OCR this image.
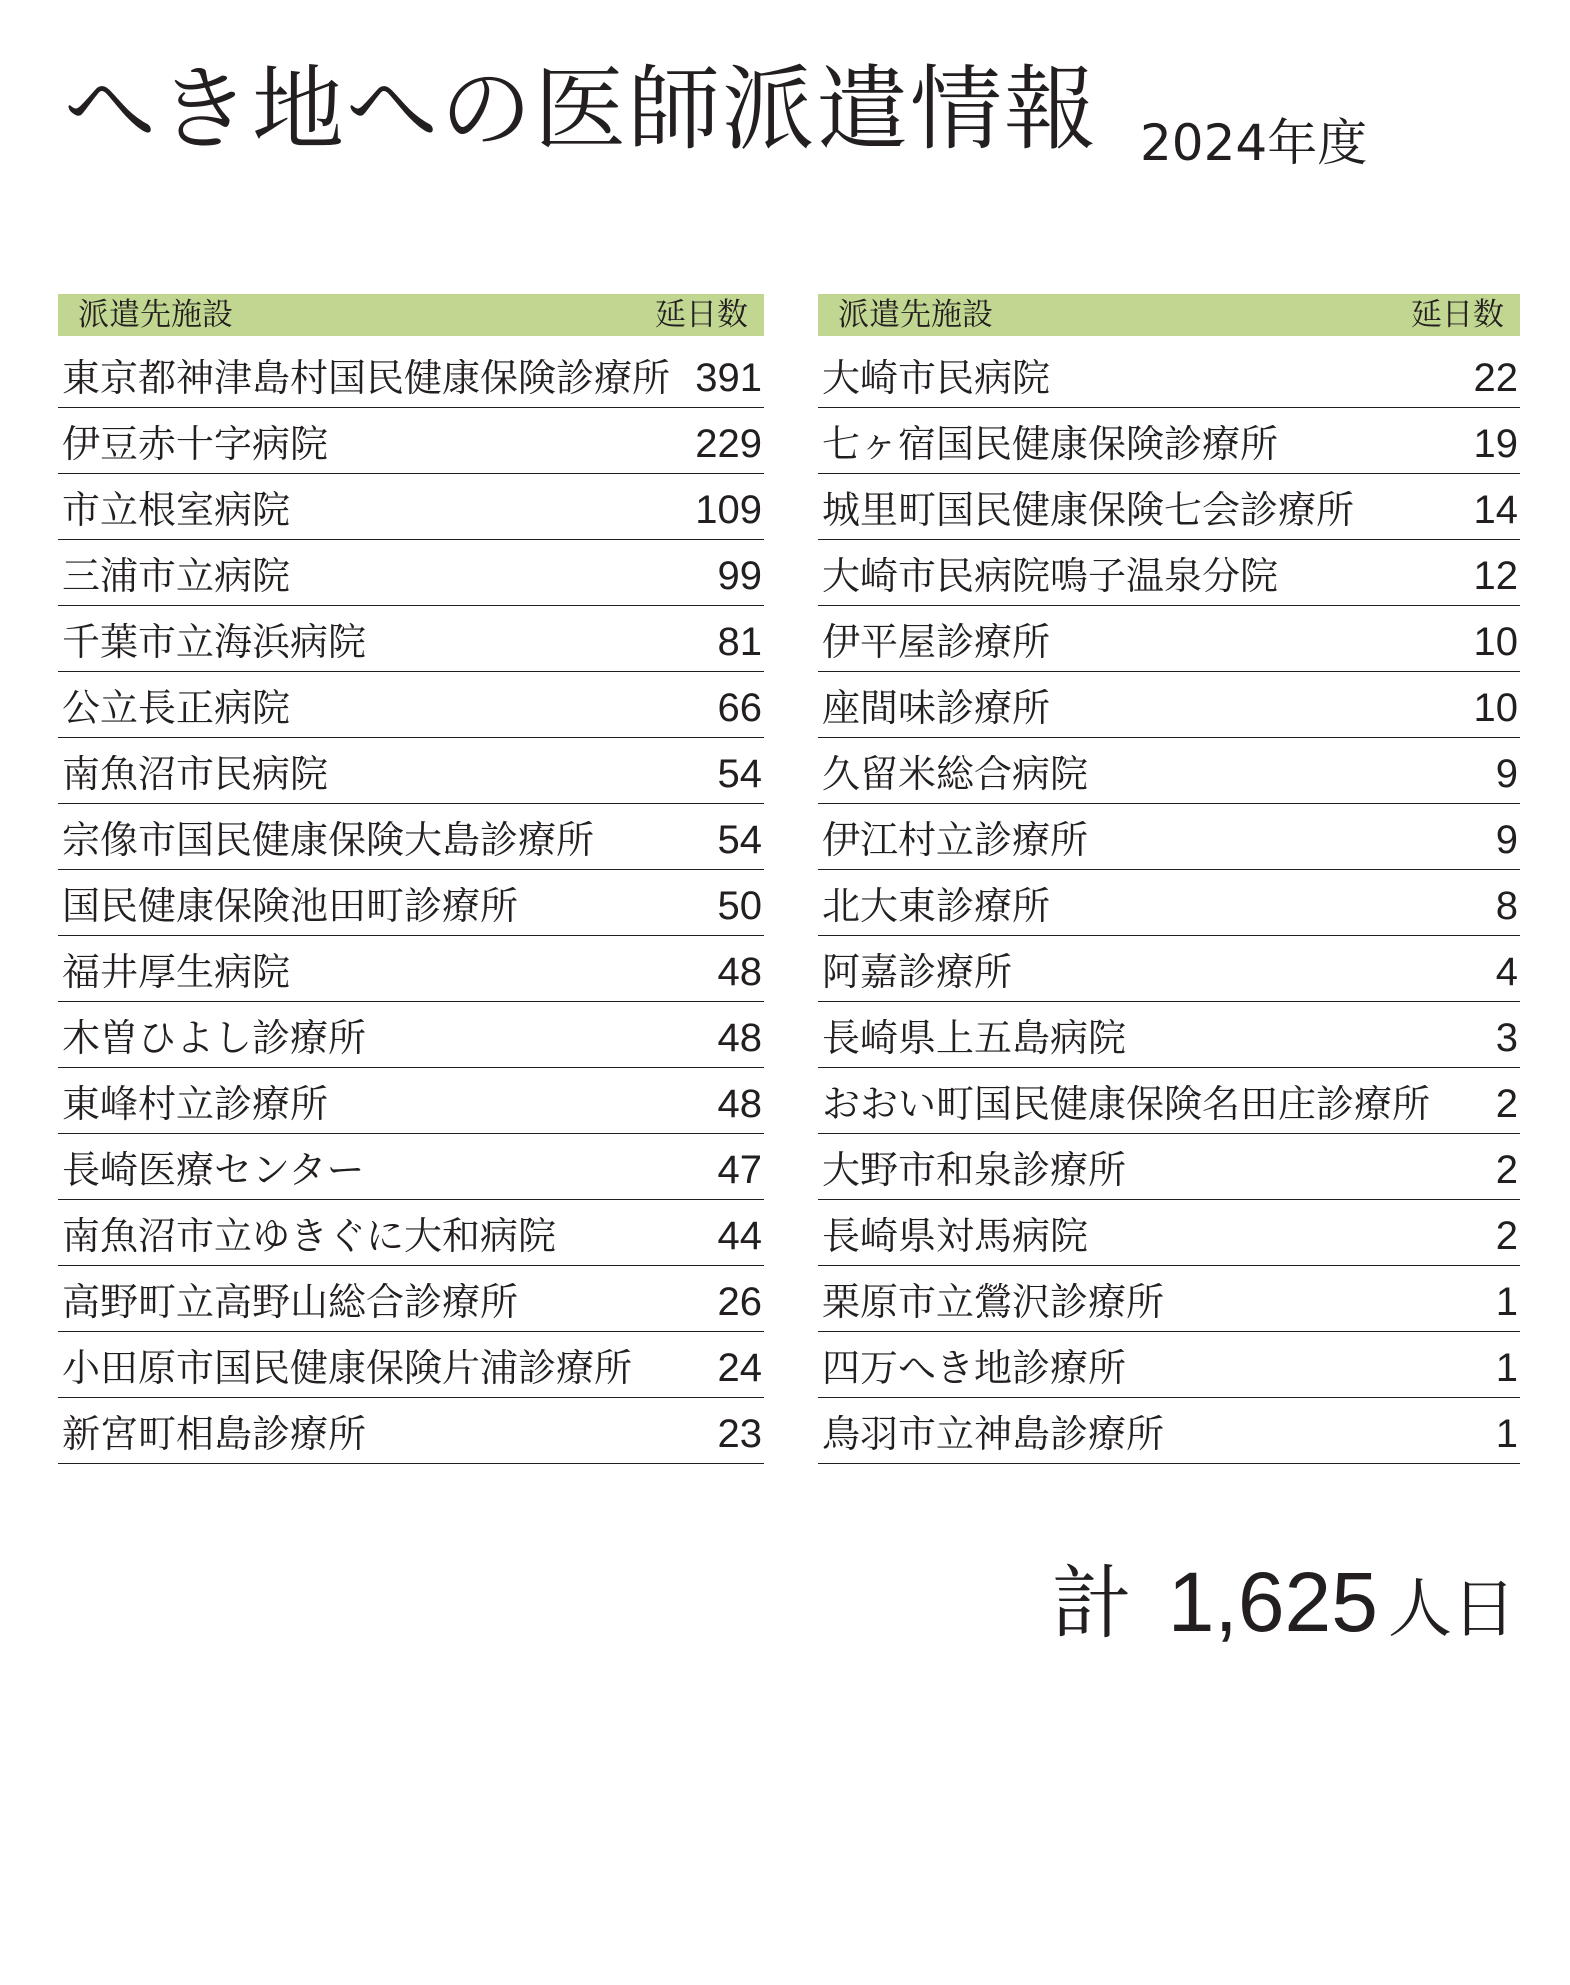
へき地への医師派遣情報 2024年度
派遣先施設	延日数
東京都神津島村国民健康保険診療所 391
伊豆赤十字病院	229
市立根室病院	109
三浦市立病院	99
千葉市立海浜病院	81
公立長正病院	66
南魚沼市民病院	54
宗像市国民健康保険大島診療所	54
国民健康保険池田町診療所	50
福井厚生病院	48
木曽ひよし診療所	48
東峰村立診療所	48
長崎医療センター	47
南魚沼市立ゆきぐに大和病院	44
高野町立高野山総合診療所	26
小田原市国民健康保険片浦診療所 24
新宮町相島診療所	23
派遣先施設	延日数
大崎市民病院	22
七ヶ宿国民健康保険診療所	19
城里町国民健康保険七会診療所	14
大崎市民病院鳴子温泉分院	12
伊平屋診療所	10
座間味診療所	10
久留米総合病院	9
伊江村立診療所	9
北大東診療所	8
阿嘉診療所	4
長崎県上五島病院	3
おおい町国民健康保険名田庄診療所 2
大野市和泉診療所	2
長崎県対馬病院	2
栗原市立鶯沢診療所	1
四万へき地診療所	1
鳥羽市立神島診療所	1
計 1,625 人日
